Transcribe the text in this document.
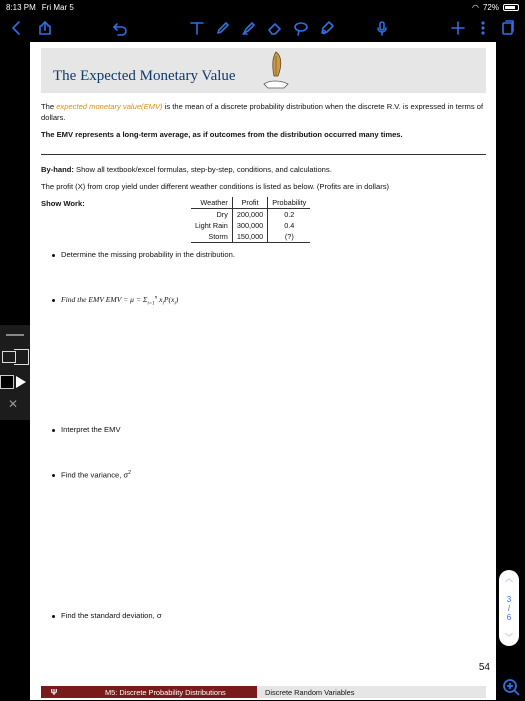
8:13 PM Fri Mar 5	◠ 72%
The Expected Monetary Value
The expected monetary value(EMV) is the mean of a discrete probability distribution when the discrete R.V. is expressed in terms of dollars.
The EMV represents a long-term average, as if outcomes from the distribution occurred many times.
By-hand: Show all textbook/excel formulas, step-by-step, conditions, and calculations.
The profit (X) from crop yield under different weather conditions is listed as below. (Profits are in dollars)
Show Work:	Weather	Profit	Probability
Dry	200,000	0.2
Light Rain	300,000	0.4
Storm	150,000	(?)
Determine the missing probability in the distribution.
Find the EMV EMV = $\mu = \Sigma_{i=1}^n$ $x_iP(x_i)$
Interpret the EMV
Find the variance, $\sigma^2$
Find the standard deviation, σ
54
Ψ	M5: Discrete Probability Distributions	Discrete Random Variables
✕
︿
3
/
6
﹀
